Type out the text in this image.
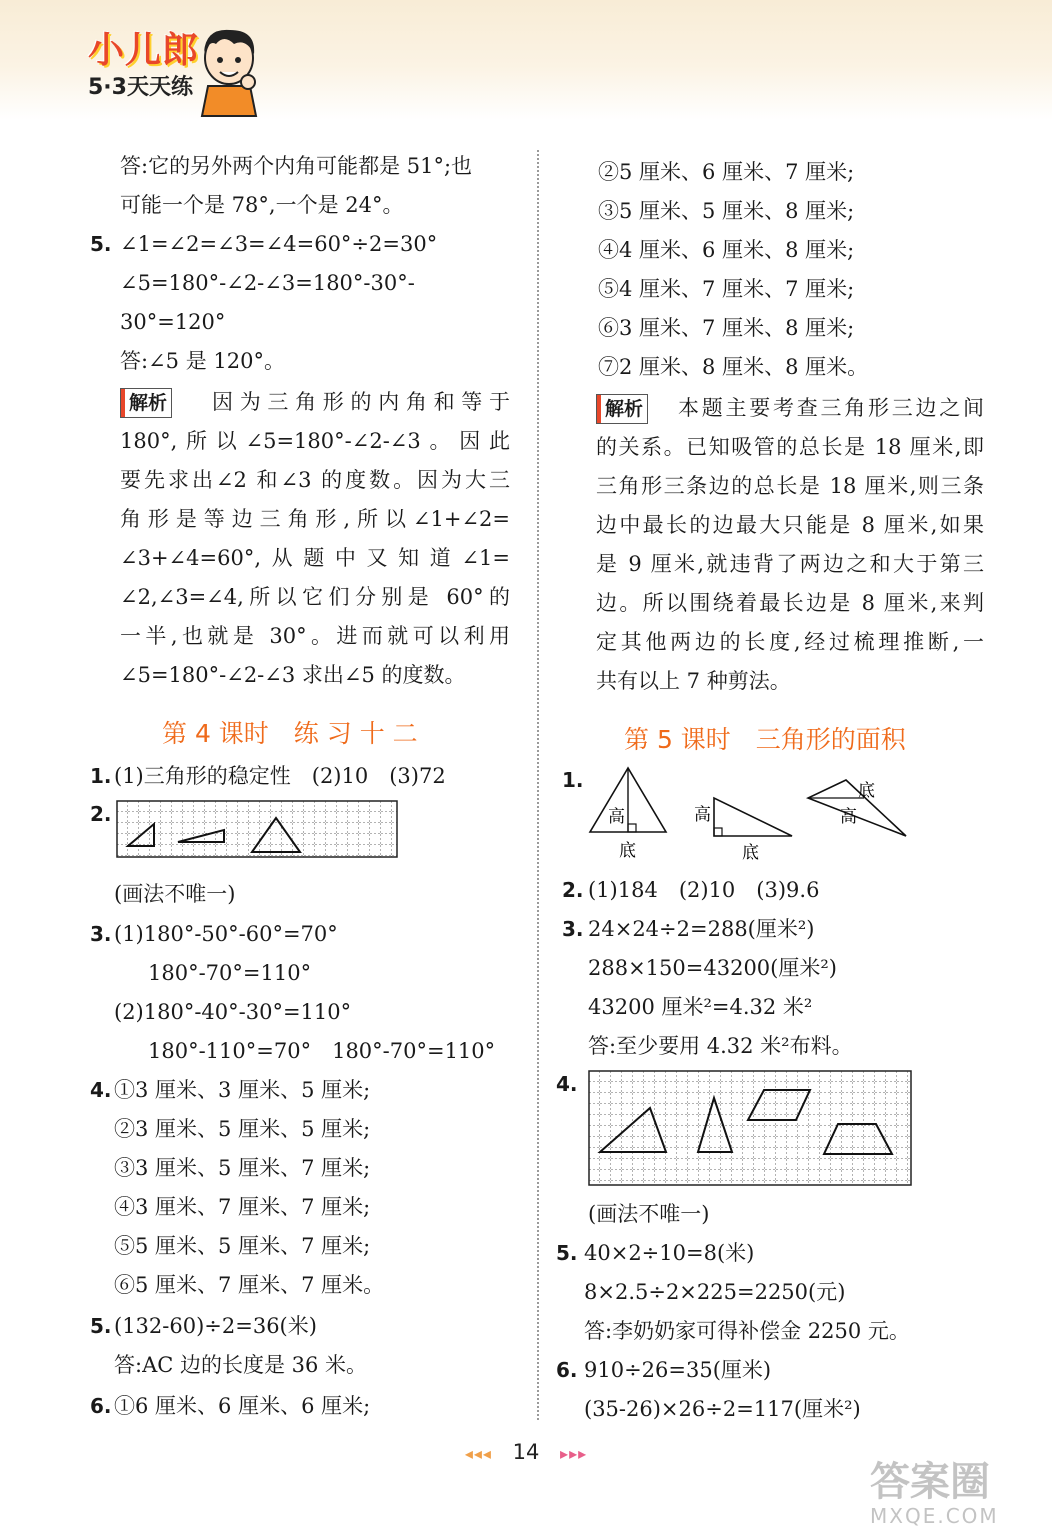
小儿郎
5·3天天练
答:它的另外两个内角可能都是 51°;也
可能一个是 78°,一个是 24°。
5. ∠1=∠2=∠3=∠4=60°÷2=30°
∠5=180°-∠2-∠3=180°-30°-
30°=120°
答:∠5 是 120°。
解析 因为三角形的内角和等于
180°,所以∠5=180°-∠2-∠3。因此
要先求出∠2 和∠3 的度数。因为大三
角形是等边三角形,所以∠1+∠2=
∠3+∠4=60°,从题中又知道∠1=
∠2,∠3=∠4,所以它们分别是 60°的
一半,也就是 30°。进而就可以利用
∠5=180°-∠2-∠3 求出∠5 的度数。
第 4 课时　练 习 十 二
1. (1)三角形的稳定性　(2)10　(3)72
2.
(画法不唯一)
3. (1)180°-50°-60°=70°
180°-70°=110°
(2)180°-40°-30°=110°
180°-110°=70°　180°-70°=110°
4. ①3 厘米、3 厘米、5 厘米;
②3 厘米、5 厘米、5 厘米;
③3 厘米、5 厘米、7 厘米;
④3 厘米、7 厘米、7 厘米;
⑤5 厘米、5 厘米、7 厘米;
⑥5 厘米、7 厘米、7 厘米。
5. (132-60)÷2=36(米)
答:AC 边的长度是 36 米。
6. ①6 厘米、6 厘米、6 厘米;
②5 厘米、6 厘米、7 厘米;
③5 厘米、5 厘米、8 厘米;
④4 厘米、6 厘米、8 厘米;
⑤4 厘米、7 厘米、7 厘米;
⑥3 厘米、7 厘米、8 厘米;
⑦2 厘米、8 厘米、8 厘米。
解析 本题主要考查三角形三边之间
的关系。已知吸管的总长是 18 厘米,即
三角形三条边的总长是 18 厘米,则三条
边中最长的边最大只能是 8 厘米,如果
是 9 厘米,就违背了两边之和大于第三
边。所以围绕着最长边是 8 厘米,来判
定其他两边的长度,经过梳理推断,一
共有以上 7 种剪法。
第 5 课时　三角形的面积
1.
高
底
高
底
底
高
2. (1)184　(2)10　(3)9.6
3. 24×24÷2=288(厘米²)
288×150=43200(厘米²)
43200 厘米²=4.32 米²
答:至少要用 4.32 米²布料。
4.
(画法不唯一)
5. 40×2÷10=8(米)
8×2.5÷2×225=2250(元)
答:李奶奶家可得补偿金 2250 元。
6. 910÷26=35(厘米)
(35-26)×26÷2=117(厘米²)
◂◂◂ 14 ▸▸▸
答案圈
MXQE.COM
